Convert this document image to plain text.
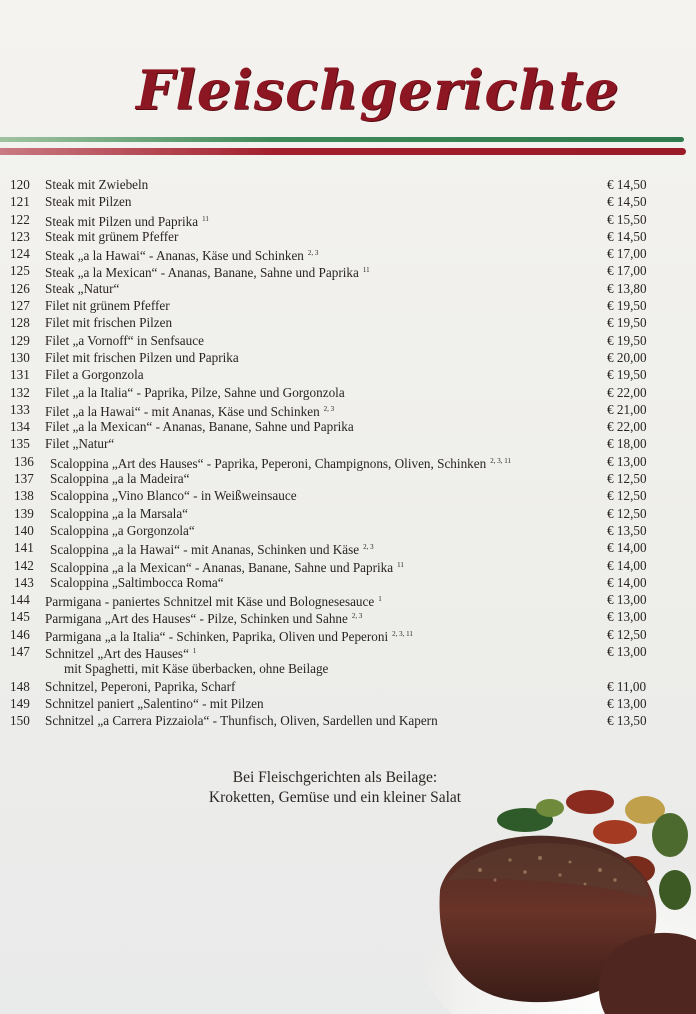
Fleischgerichte
120	Steak mit Zwiebeln	€ 14,50
121	Steak mit Pilzen	€ 14,50
122	Steak mit Pilzen und Paprika $^{11}$	€ 15,50
123	Steak mit grünem Pfeffer	€ 14,50
124	Steak „a la Hawai“ - Ananas, Käse und Schinken $^{2, 3}$	€ 17,00
125	Steak „a la Mexican“ - Ananas, Banane, Sahne und Paprika $^{11}$	€ 17,00
126	Steak „Natur“	€ 13,80
127	Filet nit grünem Pfeffer	€ 19,50
128	Filet mit frischen Pilzen	€ 19,50
129	Filet „a Vornoff“ in Senfsauce	€ 19,50
130	Filet mit frischen Pilzen und Paprika	€ 20,00
131	Filet a Gorgonzola	€ 19,50
132	Filet „a la Italia“ - Paprika, Pilze, Sahne und Gorgonzola	€ 22,00
133	Filet „a la Hawai“ - mit Ananas, Käse und Schinken $^{2, 3}$	€ 21,00
134	Filet „a la Mexican“ - Ananas, Banane, Sahne und Paprika	€ 22,00
135	Filet „Natur“	€ 18,00
136	Scaloppina „Art des Hauses“ - Paprika, Peperoni, Champignons, Oliven, Schinken $^{2, 3, 11}$	€ 13,00
137	Scaloppina „a la Madeira“	€ 12,50
138	Scaloppina „Vino Blanco“ - in Weißweinsauce	€ 12,50
139	Scaloppina „a la Marsala“	€ 12,50
140	Scaloppina „a Gorgonzola“	€ 13,50
141	Scaloppina „a la Hawai“ - mit Ananas, Schinken und Käse $^{2, 3}$	€ 14,00
142	Scaloppina „a la Mexican“ - Ananas, Banane, Sahne und Paprika $^{11}$	€ 14,00
143	Scaloppina „Saltimbocca Roma“	€ 14,00
144	Parmigana - paniertes Schnitzel mit Käse und Bolognesesauce $^1$	€ 13,00
145	Parmigana „Art des Hauses“ - Pilze, Schinken und Sahne $^{2, 3}$	€ 13,00
146	Parmigana „a la Italia“ - Schinken, Paprika, Oliven und Peperoni $^{2, 3, 11}$	€ 12,50
147	Schnitzel „Art des Hauses“ $^1$	€ 13,00
mit Spaghetti, mit Käse überbacken, ohne Beilage
148	Schnitzel, Peperoni, Paprika, Scharf	€ 11,00
149	Schnitzel paniert „Salentino“ - mit Pilzen	€ 13,00
150	Schnitzel „a Carrera Pizzaiola“ - Thunfisch, Oliven, Sardellen und Kapern	€ 13,50
Bei Fleischgerichten als Beilage:
Kroketten, Gemüse und ein kleiner Salat
